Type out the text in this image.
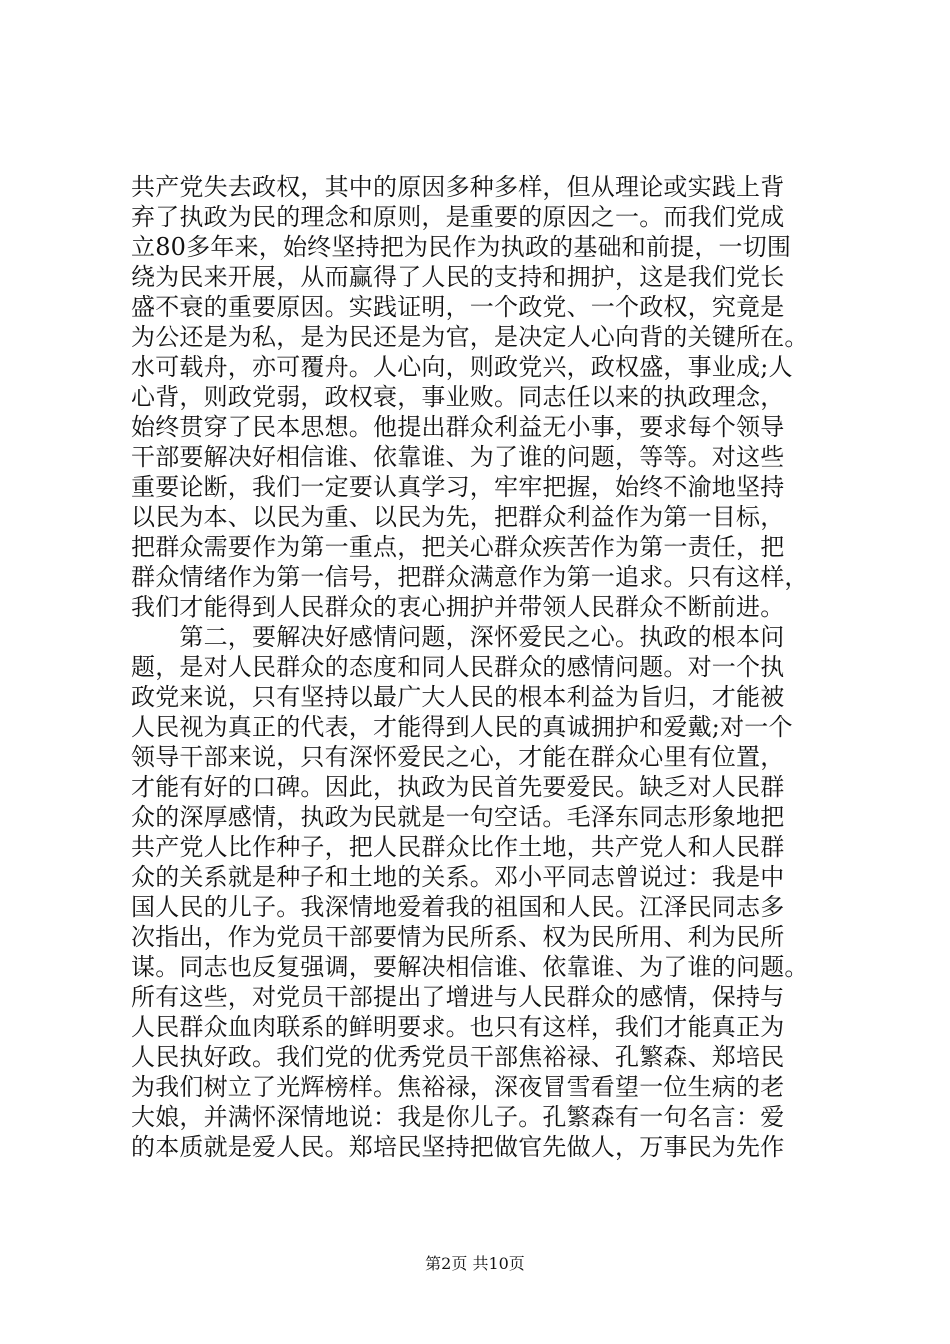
共产党失去政权，其中的原因多种多样，但从理论或实践上背
弃了执政为民的理念和原则，是重要的原因之一。而我们党成
立80多年来，始终坚持把为民作为执政的基础和前提，一切围
绕为民来开展，从而赢得了人民的支持和拥护，这是我们党长
盛不衰的重要原因。实践证明，一个政党、一个政权，究竟是
为公还是为私，是为民还是为官，是决定人心向背的关键所在。
水可载舟，亦可覆舟。人心向，则政党兴，政权盛，事业成;人
心背，则政党弱，政权衰，事业败。同志任以来的执政理念，
始终贯穿了民本思想。他提出群众利益无小事，要求每个领导
干部要解决好相信谁、依靠谁、为了谁的问题，等等。对这些
重要论断，我们一定要认真学习，牢牢把握，始终不渝地坚持
以民为本、以民为重、以民为先，把群众利益作为第一目标，
把群众需要作为第一重点，把关心群众疾苦作为第一责任，把
群众情绪作为第一信号，把群众满意作为第一追求。只有这样，
我们才能得到人民群众的衷心拥护并带领人民群众不断前进。
　　第二，要解决好感情问题，深怀爱民之心。执政的根本问
题，是对人民群众的态度和同人民群众的感情问题。对一个执
政党来说，只有坚持以最广大人民的根本利益为旨归，才能被
人民视为真正的代表，才能得到人民的真诚拥护和爱戴;对一个
领导干部来说，只有深怀爱民之心，才能在群众心里有位置，
才能有好的口碑。因此，执政为民首先要爱民。缺乏对人民群
众的深厚感情，执政为民就是一句空话。毛泽东同志形象地把
共产党人比作种子，把人民群众比作土地，共产党人和人民群
众的关系就是种子和土地的关系。邓小平同志曾说过：我是中
国人民的儿子。我深情地爱着我的祖国和人民。江泽民同志多
次指出，作为党员干部要情为民所系、权为民所用、利为民所
谋。同志也反复强调，要解决相信谁、依靠谁、为了谁的问题。
所有这些，对党员干部提出了增进与人民群众的感情，保持与
人民群众血肉联系的鲜明要求。也只有这样，我们才能真正为
人民执好政。我们党的优秀党员干部焦裕禄、孔繁森、郑培民
为我们树立了光辉榜样。焦裕禄，深夜冒雪看望一位生病的老
大娘，并满怀深情地说：我是你儿子。孔繁森有一句名言：爱
的本质就是爱人民。郑培民坚持把做官先做人，万事民为先作
第2页 共10页
